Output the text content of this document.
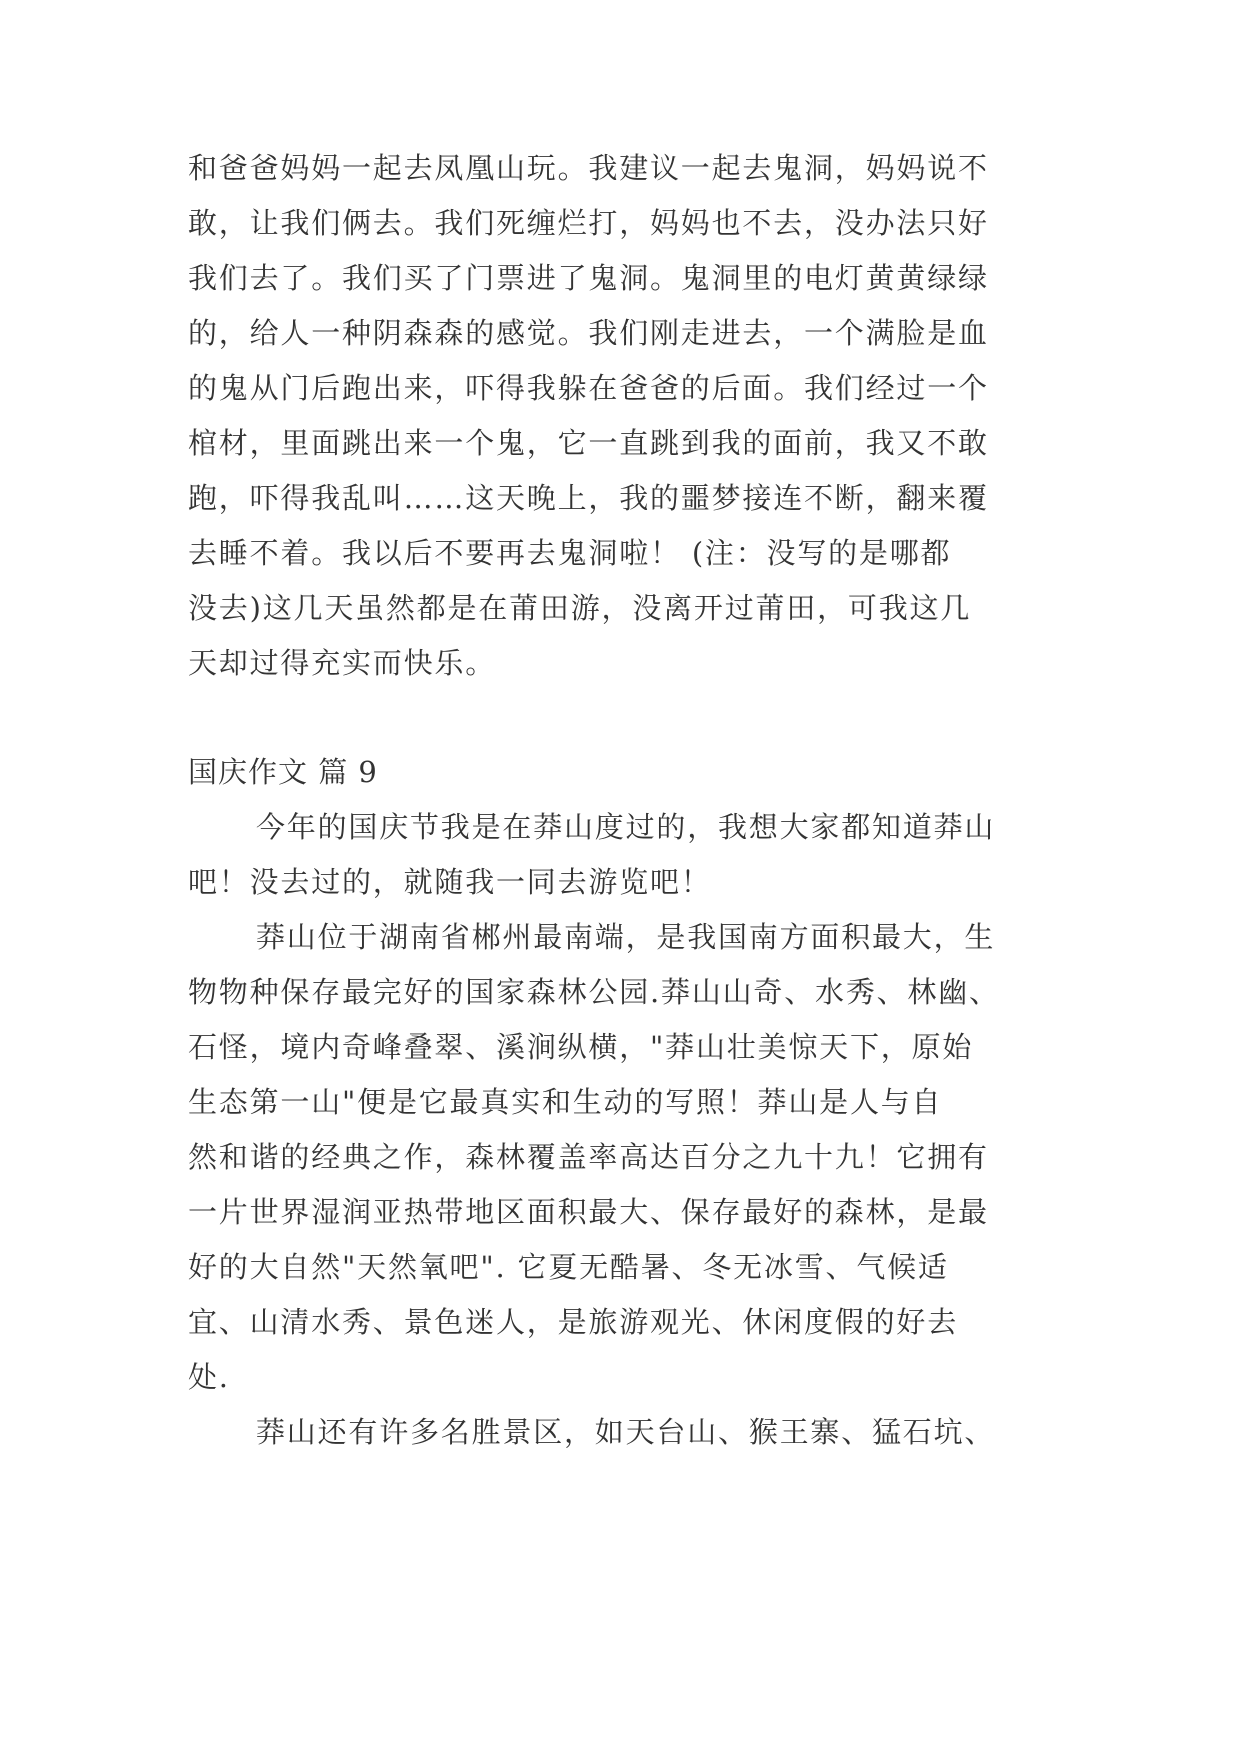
和爸爸妈妈一起去凤凰山玩。我建议一起去鬼洞，妈妈说不
敢，让我们俩去。我们死缠烂打，妈妈也不去，没办法只好
我们去了。我们买了门票进了鬼洞。鬼洞里的电灯黄黄绿绿
的，给人一种阴森森的感觉。我们刚走进去，一个满脸是血
的鬼从门后跑出来，吓得我躲在爸爸的后面。我们经过一个
棺材，里面跳出来一个鬼，它一直跳到我的面前，我又不敢
跑，吓得我乱叫……这天晚上，我的噩梦接连不断，翻来覆
去睡不着。我以后不要再去鬼洞啦！ (注：没写的是哪都
没去)这几天虽然都是在莆田游，没离开过莆田，可我这几
天却过得充实而快乐。
国庆作文 篇 9
今年的国庆节我是在莽山度过的，我想大家都知道莽山
吧！没去过的，就随我一同去游览吧！
莽山位于湖南省郴州最南端，是我国南方面积最大，生
物物种保存最完好的国家森林公园.莽山山奇、水秀、林幽、
石怪，境内奇峰叠翠、溪涧纵横，"莽山壮美惊天下，原始
生态第一山"便是它最真实和生动的写照！莽山是人与自
然和谐的经典之作，森林覆盖率高达百分之九十九！它拥有
一片世界湿润亚热带地区面积最大、保存最好的森林，是最
好的大自然"天然氧吧". 它夏无酷暑、冬无冰雪、气候适
宜、山清水秀、景色迷人，是旅游观光、休闲度假的好去
处.
莽山还有许多名胜景区，如天台山、猴王寨、猛石坑、
